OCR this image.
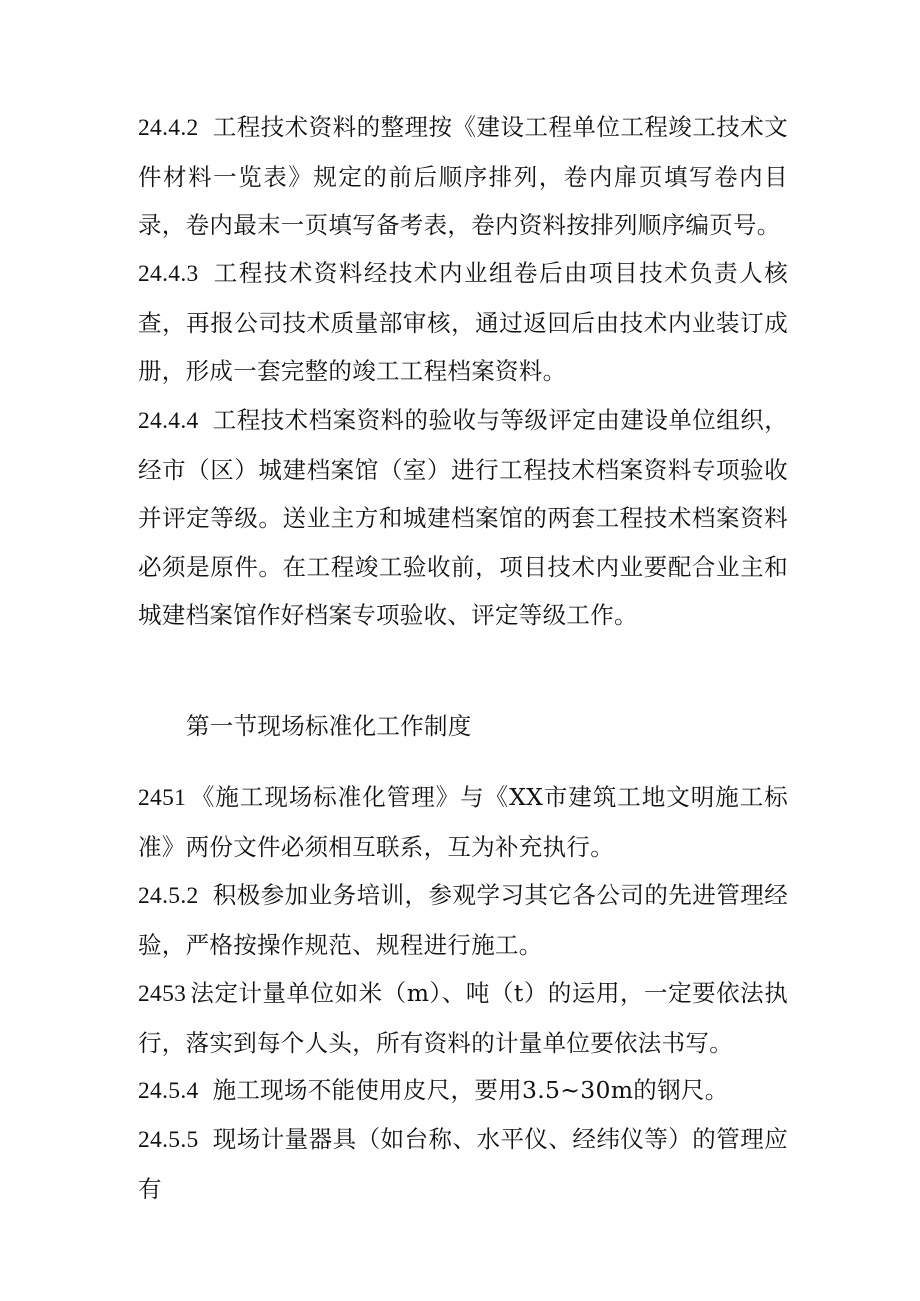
24.4.2 工程技术资料的整理按《建设工程单位工程竣工技术文件材料一览表》规定的前后顺序排列，卷内扉页填写卷内目录，卷内最末一页填写备考表，卷内资料按排列顺序编页号。

24.4.3 工程技术资料经技术内业组卷后由项目技术负责人核查，再报公司技术质量部审核，通过返回后由技术内业装订成册，形成一套完整的竣工工程档案资料。

24.4.4 工程技术档案资料的验收与等级评定由建设单位组织，经市（区）城建档案馆（室）进行工程技术档案资料专项验收并评定等级。送业主方和城建档案馆的两套工程技术档案资料必须是原件。在工程竣工验收前，项目技术内业要配合业主和城建档案馆作好档案专项验收、评定等级工作。

第一节现场标准化工作制度

2451 《施工现场标准化管理》与《XX市建筑工地文明施工标准》两份文件必须相互联系，互为补充执行。

24.5.2 积极参加业务培训，参观学习其它各公司的先进管理经验，严格按操作规范、规程进行施工。

2453 法定计量单位如米（m）、吨（t）的运用，一定要依法执行，落实到每个人头，所有资料的计量单位要依法书写。

24.5.4 施工现场不能使用皮尺，要用3.5~30m的钢尺。

24.5.5 现场计量器具（如台称、水平仪、经纬仪等）的管理应有
